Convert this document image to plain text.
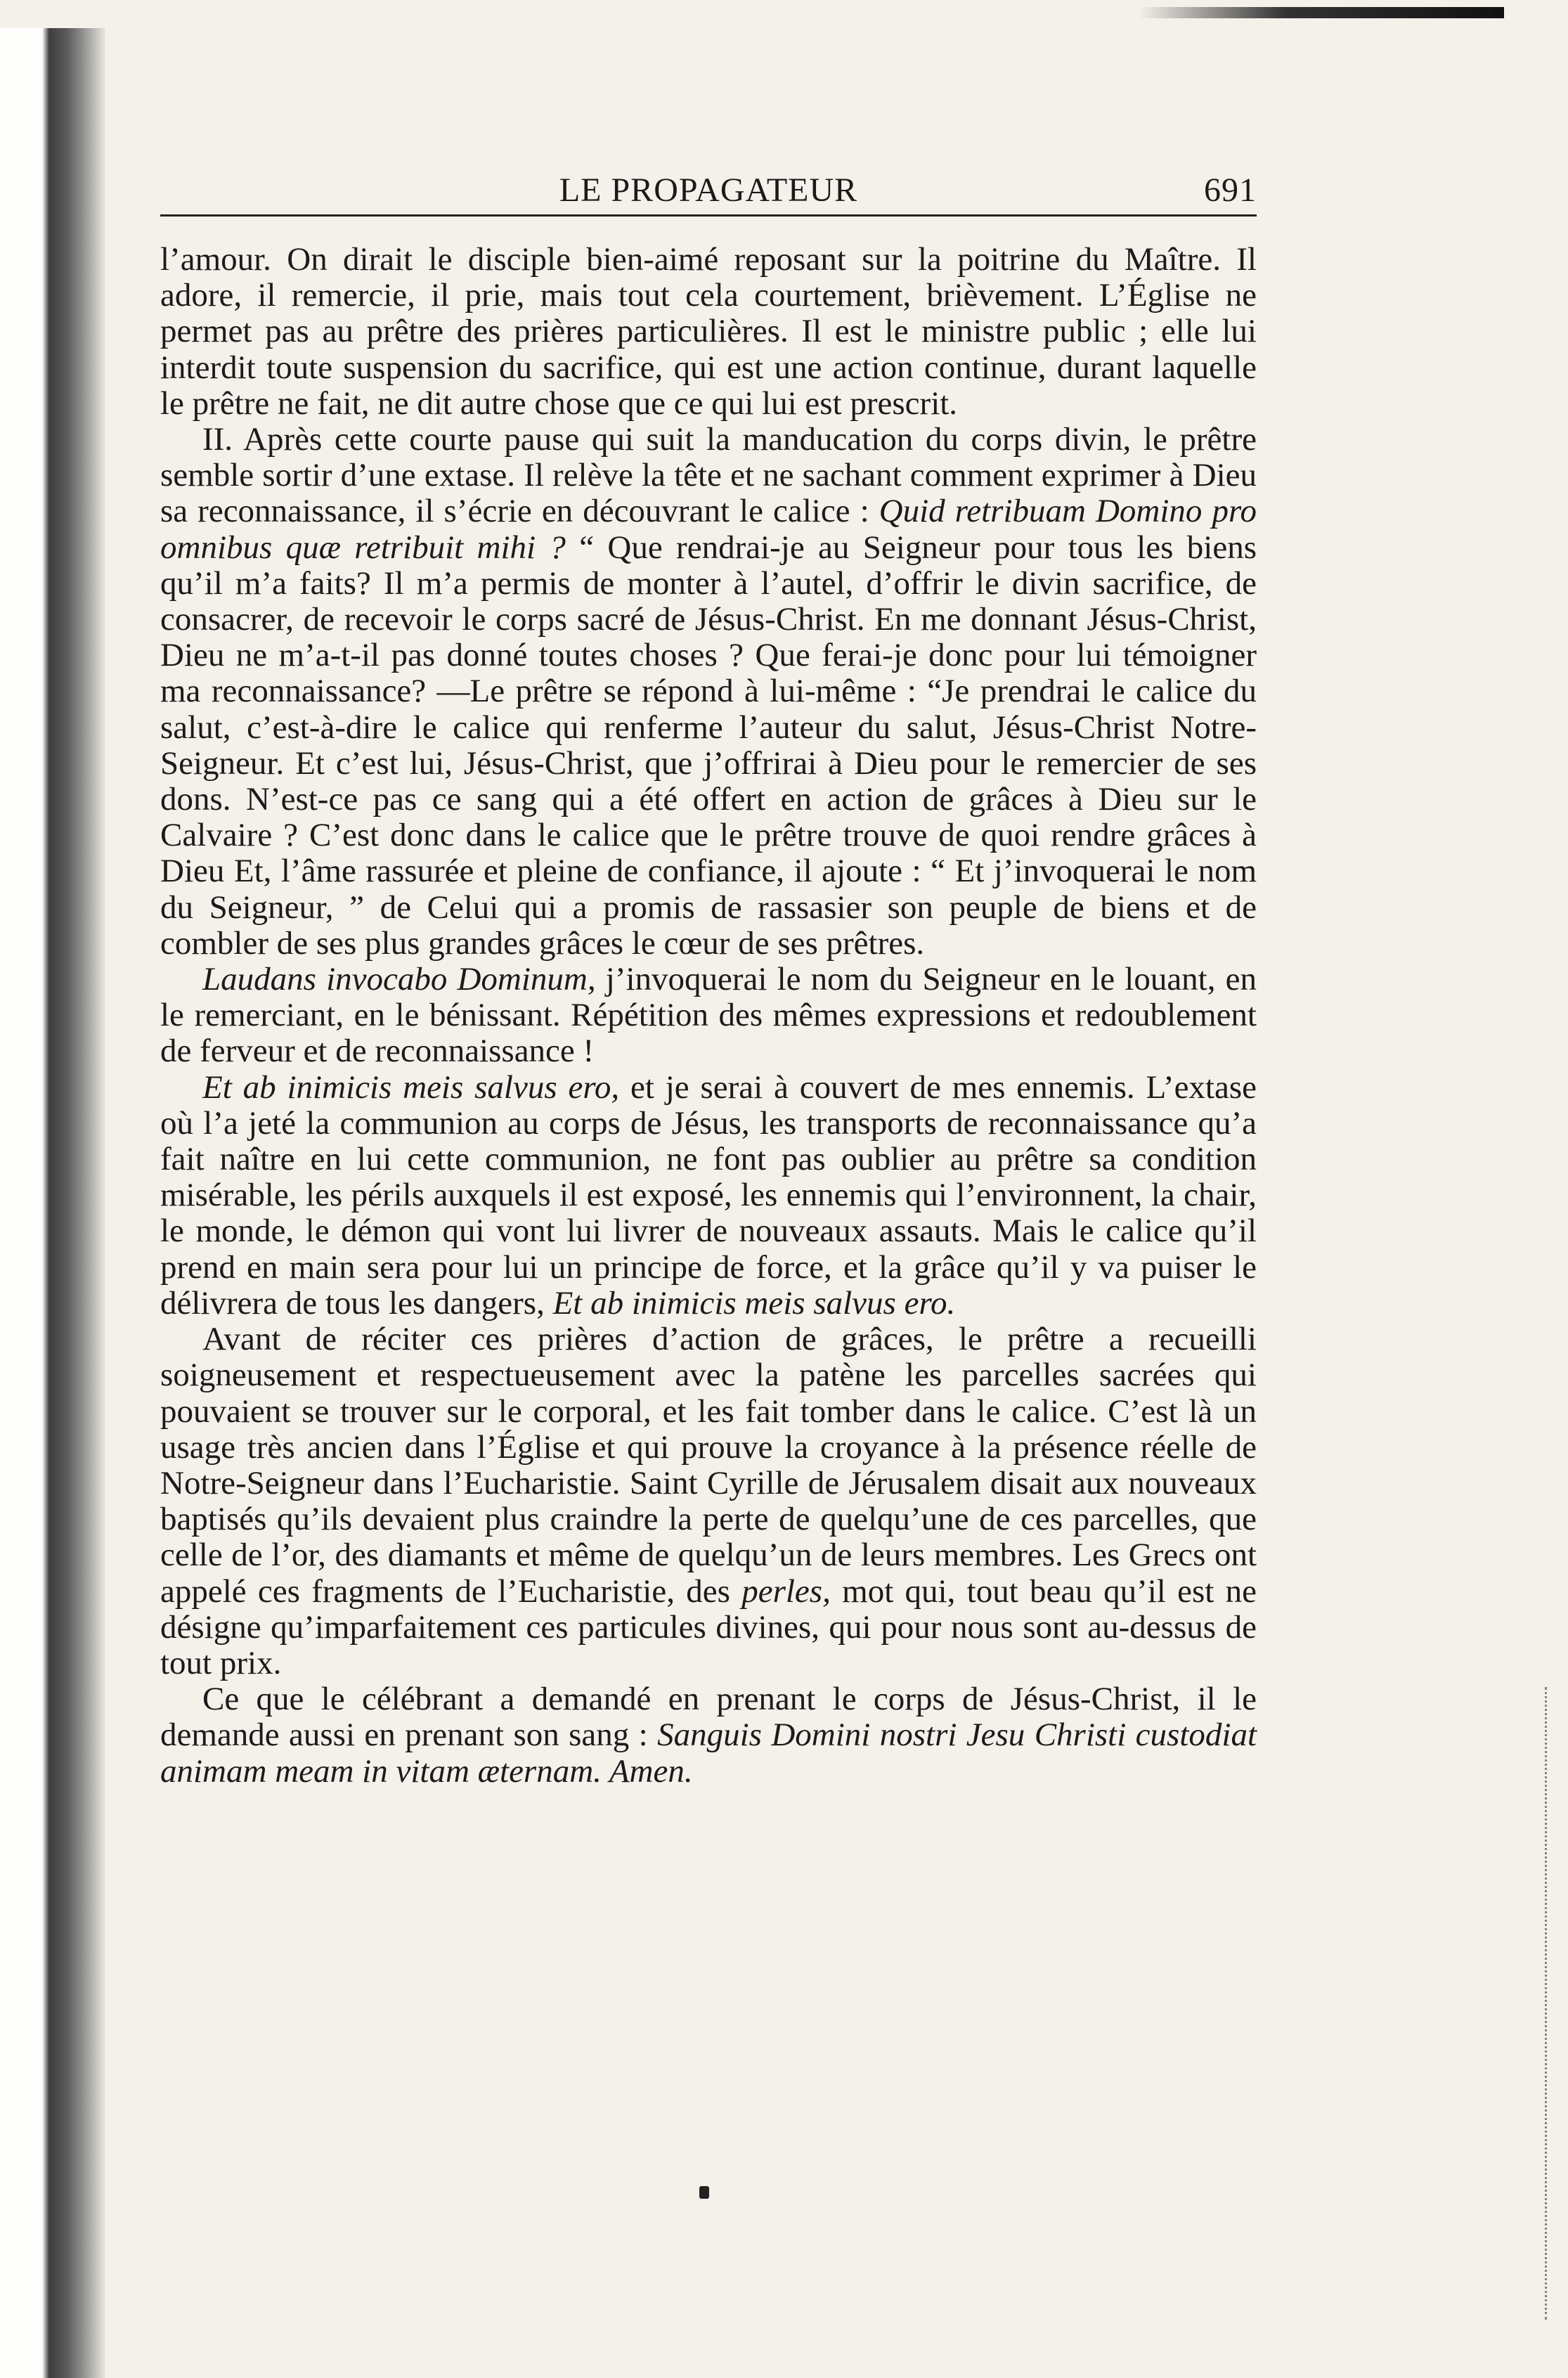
LE PROPAGATEUR	691

l’amour. On dirait le disciple bien-aimé reposant sur la poitrine du Maître. Il adore, il remercie, il prie, mais tout cela courtement, brièvement. L’Église ne permet pas au prêtre des prières particulières. Il est le ministre public ; elle lui interdit toute suspension du sacrifice, qui est une action continue, durant laquelle le prêtre ne fait, ne dit autre chose que ce qui lui est prescrit.

II. Après cette courte pause qui suit la manducation du corps divin, le prêtre semble sortir d’une extase. Il relève la tête et ne sachant comment exprimer à Dieu sa reconnaissance, il s’écrie en découvrant le calice : Quid retribuam Domino pro omnibus quæ retribuit mihi ? “ Que rendrai-je au Seigneur pour tous les biens qu’il m’a faits? Il m’a permis de monter à l’autel, d’offrir le divin sacrifice, de consacrer, de recevoir le corps sacré de Jésus-Christ. En me donnant Jésus-Christ, Dieu ne m’a-t-il pas donné toutes choses ? Que ferai-je donc pour lui témoigner ma reconnaissance? —Le prêtre se répond à lui-même : “Je prendrai le calice du salut, c’est-à-dire le calice qui renferme l’auteur du salut, Jésus-Christ Notre-Seigneur. Et c’est lui, Jésus-Christ, que j’offrirai à Dieu pour le remercier de ses dons. N’est-ce pas ce sang qui a été offert en action de grâces à Dieu sur le Calvaire ? C’est donc dans le calice que le prêtre trouve de quoi rendre grâces à Dieu Et, l’âme rassurée et pleine de confiance, il ajoute : “ Et j’invoquerai le nom du Seigneur, ” de Celui qui a promis de rassasier son peuple de biens et de combler de ses plus grandes grâces le cœur de ses prêtres.

Laudans invocabo Dominum, j’invoquerai le nom du Seigneur en le louant, en le remerciant, en le bénissant. Répétition des mêmes expressions et redoublement de ferveur et de reconnaissance !

Et ab inimicis meis salvus ero, et je serai à couvert de mes ennemis. L’extase où l’a jeté la communion au corps de Jésus, les transports de reconnaissance qu’a fait naître en lui cette communion, ne font pas oublier au prêtre sa condition misérable, les périls auxquels il est exposé, les ennemis qui l’environnent, la chair, le monde, le démon qui vont lui livrer de nouveaux assauts. Mais le calice qu’il prend en main sera pour lui un principe de force, et la grâce qu’il y va puiser le délivrera de tous les dangers, Et ab inimicis meis salvus ero.

Avant de réciter ces prières d’action de grâces, le prêtre a recueilli soigneusement et respectueusement avec la patène les parcelles sacrées qui pouvaient se trouver sur le corporal, et les fait tomber dans le calice. C’est là un usage très ancien dans l’Église et qui prouve la croyance à la présence réelle de Notre-Seigneur dans l’Eucharistie. Saint Cyrille de Jérusalem disait aux nouveaux baptisés qu’ils devaient plus craindre la perte de quelqu’une de ces parcelles, que celle de l’or, des diamants et même de quelqu’un de leurs membres. Les Grecs ont appelé ces fragments de l’Eucharistie, des perles, mot qui, tout beau qu’il est ne désigne qu’imparfaitement ces particules divines, qui pour nous sont au-dessus de tout prix.

Ce que le célébrant a demandé en prenant le corps de Jésus-Christ, il le demande aussi en prenant son sang : Sanguis Domini nostri Jesu Christi custodiat animam meam in vitam æternam. Amen.
